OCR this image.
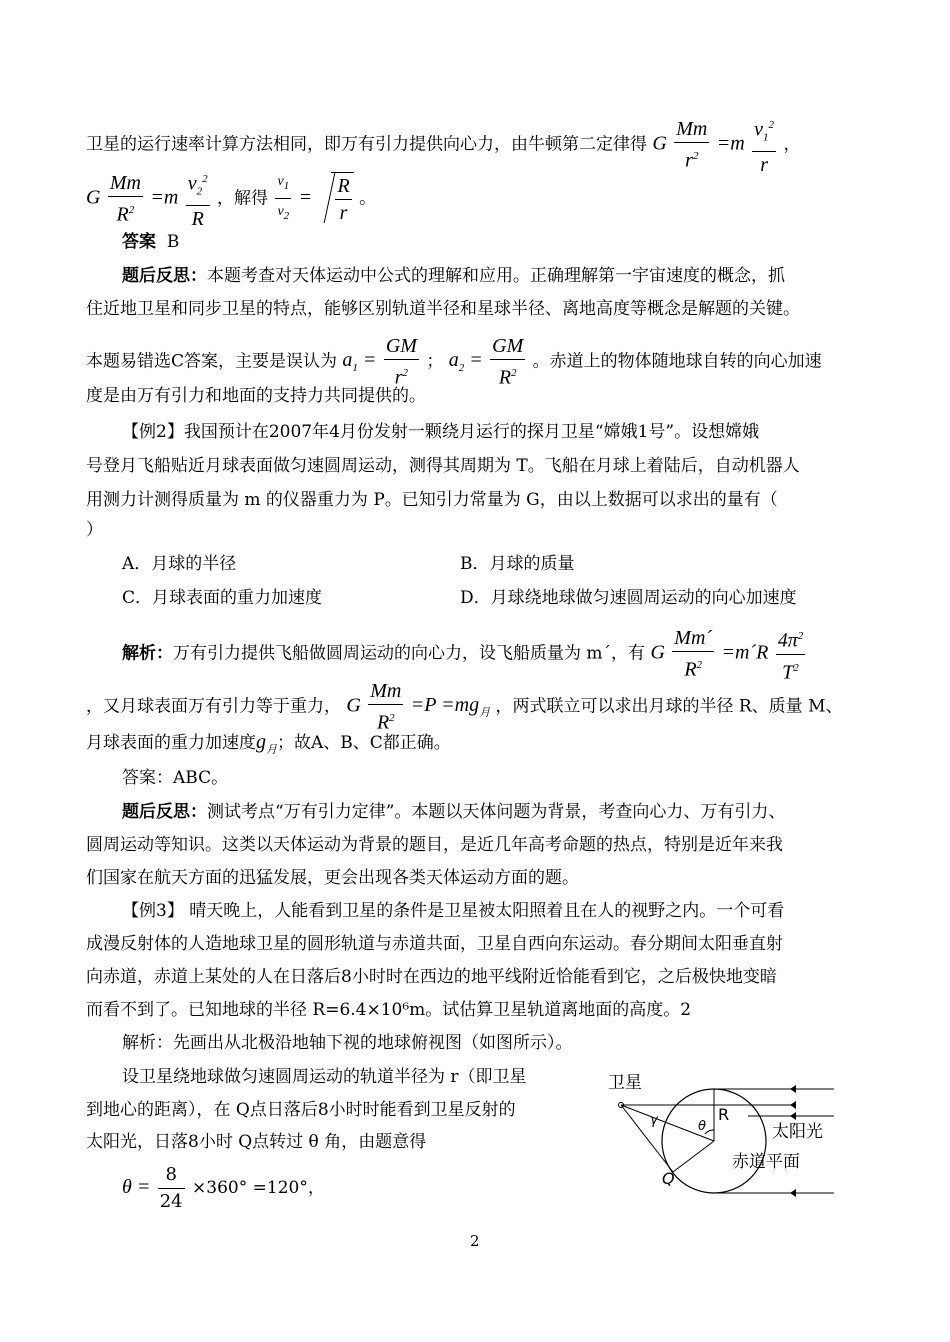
卫星的运行速率计算方法相同，即万有引力提供向心力，由牛顿第二定律得 G $\frac{Mm}{r^2} =m \frac{v_1^2}{r}$ ，
G $\frac{Mm}{R^2} =m \frac{v_2^2}{R}$ ，解得 $\frac{v_1}{v_2} = \frac{R}{r}$ 。
答案 B
题后反思：本题考查对天体运动中公式的理解和应用。正确理解第一宇宙速度的概念，抓
住近地卫星和同步卫星的特点，能够区别轨道半径和星球半径、离地高度等概念是解题的关键。
本题易错选C答案，主要是误认为 $a_1 = \frac{GM}{r^2}$ ； $a_2 = \frac{GM}{R^2}$ 。赤道上的物体随地球自转的向心加速
度是由万有引力和地面的支持力共同提供的。
【例2】我国预计在2007年4月份发射一颗绕月运行的探月卫星“嫦娥1号”。设想嫦娥
号登月飞船贴近月球表面做匀速圆周运动，测得其周期为 T。飞船在月球上着陆后，自动机器人
用测力计测得质量为 m 的仪器重力为 P。已知引力常量为 G，由以上数据可以求出的量有（
）
A．月球的半径	B．月球的质量
C．月球表面的重力加速度	D．月球绕地球做匀速圆周运动的向心加速度
解析：万有引力提供飞船做圆周运动的向心力，设飞船质量为 m´，有 G $\frac{Mm´}{R^2}$ =m´R $\frac{4\pi^2}{T^2}$
，又月球表面万有引力等于重力， G $\frac{Mm}{R^2} =P =mg_月$ ，两式联立可以求出月球的半径 R、质量 M、
月球表面的重力加速度$g_月$；故A、B、C都正确。
答案：ABC。
题后反思：测试考点“万有引力定律”。本题以天体问题为背景，考查向心力、万有引力、
圆周运动等知识。这类以天体运动为背景的题目，是近几年高考命题的热点，特别是近年来我
们国家在航天方面的迅猛发展，更会出现各类天体运动方面的题。
【例3】 晴天晚上，人能看到卫星的条件是卫星被太阳照着且在人的视野之内。一个可看
成漫反射体的人造地球卫星的圆形轨道与赤道共面，卫星自西向东运动。春分期间太阳垂直射
向赤道，赤道上某处的人在日落后8小时时在西边的地平线附近恰能看到它，之后极快地变暗
而看不到了。已知地球的半径 R=6.4×10⁶m。试估算卫星轨道离地面的高度。2
解析：先画出从北极沿地轴下视的地球俯视图（如图所示）。
设卫星绕地球做匀速圆周运动的轨道半径为 r（即卫星
到地心的距离），在 Q点日落后8小时时能看到卫星反射的
太阳光，日落8小时 Q点转过 θ 角，由题意得
$\theta = \frac{8}{24} \times 360^\circ =120^\circ$，
卫星
γ	θ
R
Q
太阳光
赤道平面
2
